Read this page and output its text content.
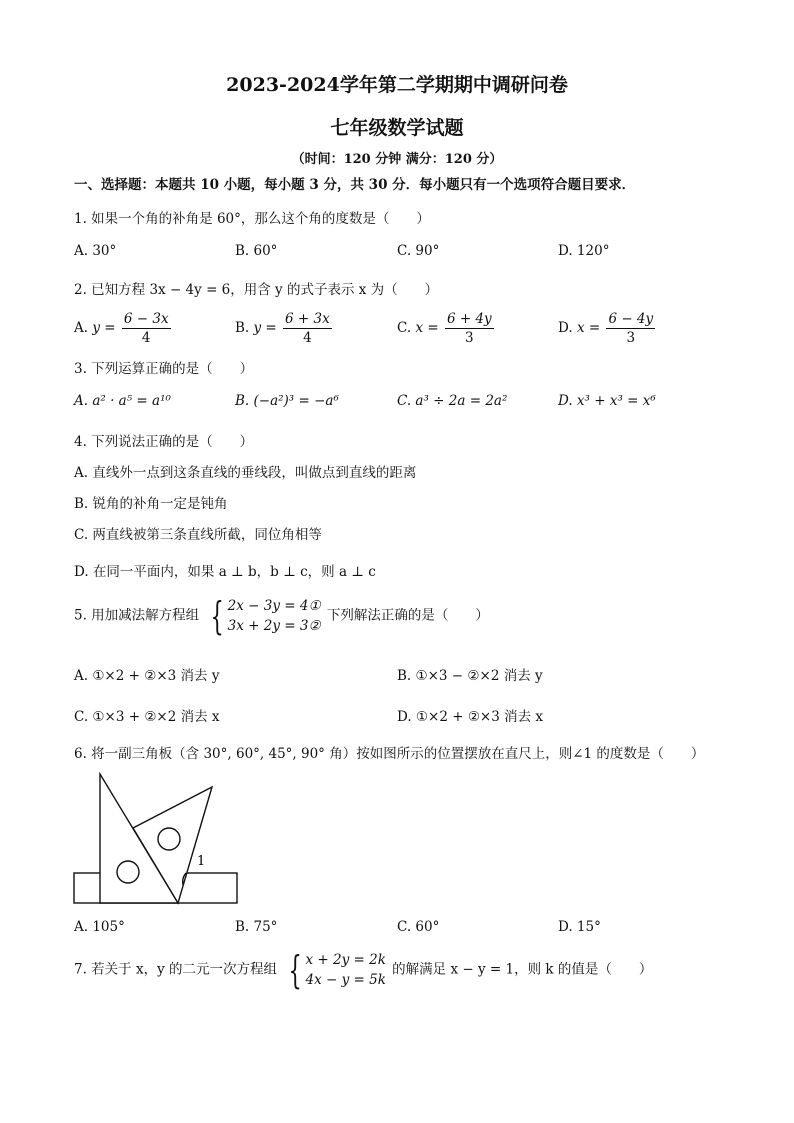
2023-2024学年第二学期期中调研问卷
七年级数学试题
（时间：120 分钟 满分：120 分）
一、选择题：本题共 10 小题，每小题 3 分，共 30 分．每小题只有一个选项符合题目要求．
1. 如果一个角的补角是 60°，那么这个角的度数是（　　）
A. 30°	B. 60°	C. 90°	D. 120°
2. 已知方程 3x − 4y = 6，用含 y 的式子表示 x 为（　　）
A. $y = \frac{6 - 3x}{4}$	B. $y = \frac{6 + 3x}{4}$	C. $x = \frac{6 + 4y}{3}$	D. $x = \frac{6 - 4y}{3}$
3. 下列运算正确的是（　　）
A. a² · a⁵ = a¹⁰	B. (−a²)³ = −a⁶	C. a³ ÷ 2a = 2a²	D. x³ + x³ = x⁶
4. 下列说法正确的是（　　）
A. 直线外一点到这条直线的垂线段，叫做点到直线的距离
B. 锐角的补角一定是钝角
C. 两直线被第三条直线所截，同位角相等
D. 在同一平面内，如果 a ⊥ b，b ⊥ c，则 a ⊥ c
5. 用加减法解方程组 { 2x − 3y = 4①
3x + 2y = 3②
下列解法正确的是（　　）
A. ①×2 + ②×3 消去 y	B. ①×3 − ②×2 消去 y
C. ①×3 + ②×2 消去 x	D. ①×2 + ②×3 消去 x
6. 将一副三角板（含 30°, 60°, 45°, 90° 角）按如图所示的位置摆放在直尺上，则∠1 的度数是（　　）
1
A. 105°	B. 75°	C. 60°	D. 15°
7. 若关于 x，y 的二元一次方程组 { x + 2y = 2k
4x − y = 5k
的解满足 x − y = 1，则 k 的值是（　　）
